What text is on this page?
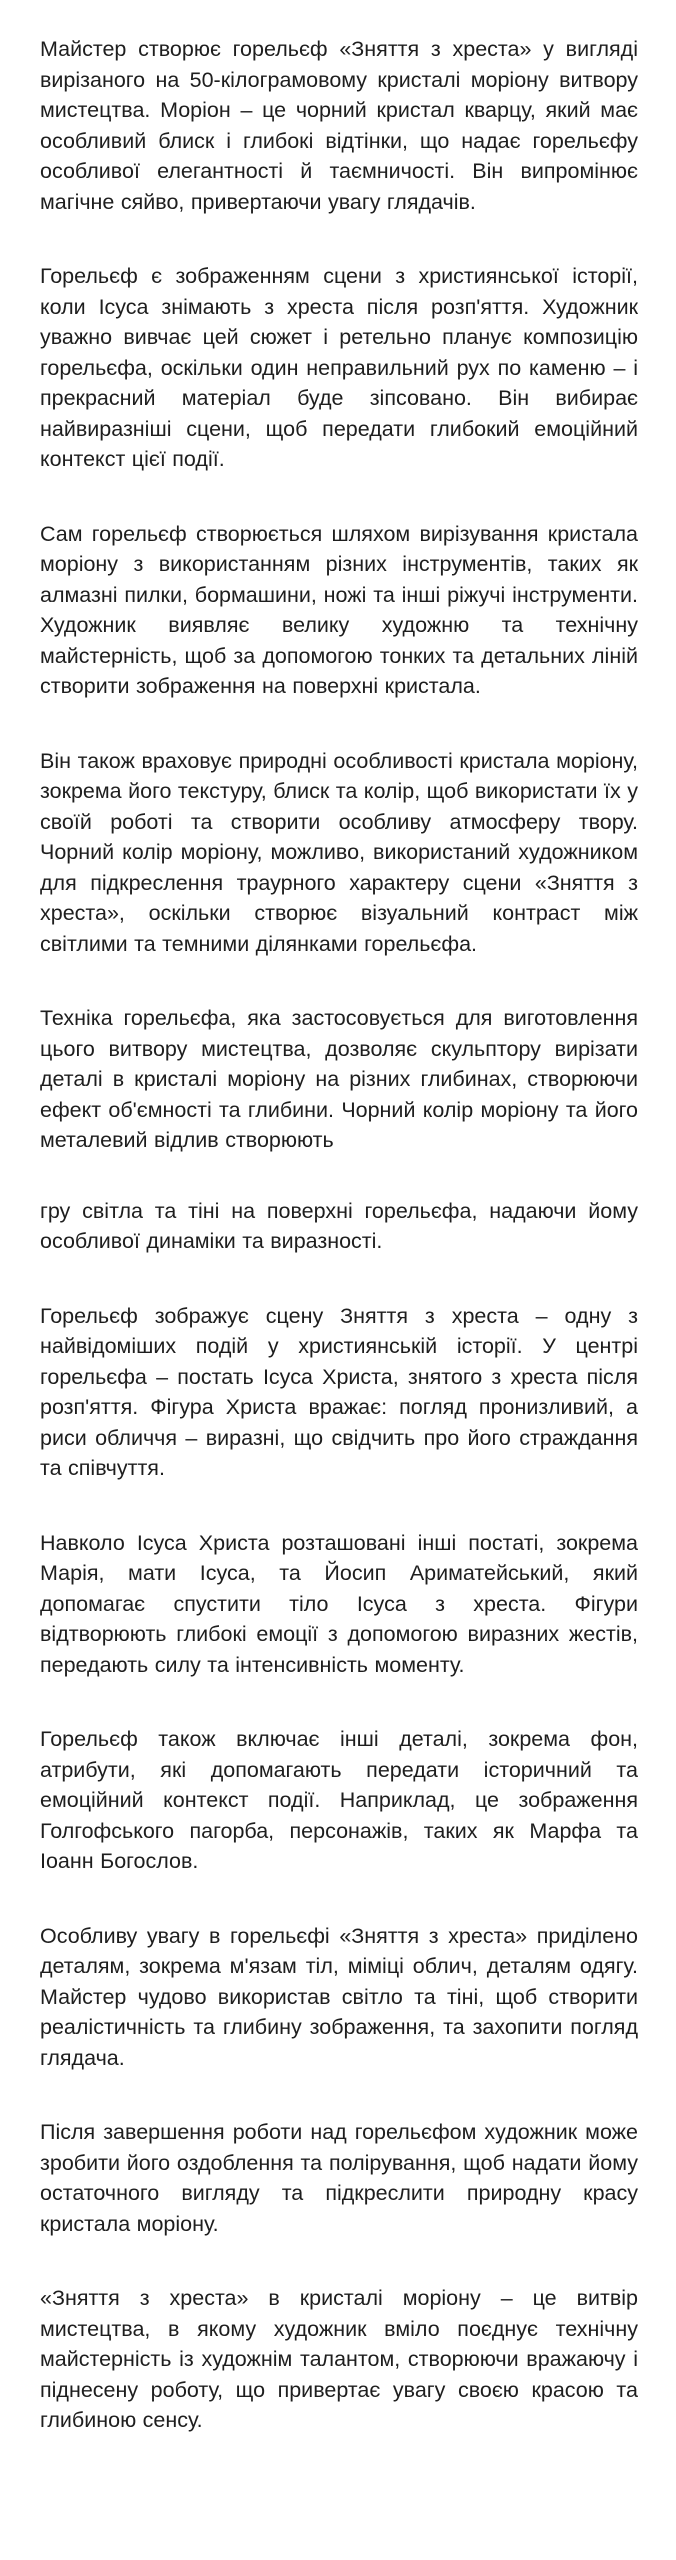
Майстер створює горельєф «Зняття з хреста» у вигляді вирізаного на 50-кілограмовому кристалі моріону витвору мистецтва. Моріон – це чорний кристал кварцу, який має особливий блиск і глибокі відтінки, що надає горельєфу особливої елегантності й таємничості. Він випромінює магічне сяйво, привертаючи увагу глядачів.

Горельєф є зображенням сцени з християнської історії, коли Ісуса знімають з хреста після розп'яття. Художник уважно вивчає цей сюжет і ретельно планує композицію горельєфа, оскільки один неправильний рух по каменю – і прекрасний матеріал буде зіпсовано. Він вибирає найвиразніші сцени, щоб передати глибокий емоційний контекст цієї події.

Сам горельєф створюється шляхом вирізування кристала моріону з використанням різних інструментів, таких як алмазні пилки, бормашини, ножі та інші ріжучі інструменти. Художник виявляє велику художню та технічну майстерність, щоб за допомогою тонких та детальних ліній створити зображення на поверхні кристала.

Він також враховує природні особливості кристала моріону, зокрема його текстуру, блиск та колір, щоб використати їх у своїй роботі та створити особливу атмосферу твору. Чорний колір моріону, можливо, використаний художником для підкреслення траурного характеру сцени «Зняття з хреста», оскільки створює візуальний контраст між світлими та темними ділянками горельєфа.

Техніка горельєфа, яка застосовується для виготовлення цього витвору мистецтва, дозволяє скульптору вирізати деталі в кристалі моріону на різних глибинах, створюючи ефект об'ємності та глибини. Чорний колір моріону та його металевий відлив створюють

гру світла та тіні на поверхні горельєфа, надаючи йому особливої динаміки та виразності.

Горельєф зображує сцену Зняття з хреста – одну з найвідоміших подій у християнській історії. У центрі горельєфа – постать Ісуса Христа, знятого з хреста після розп'яття. Фігура Христа вражає: погляд пронизливий, а риси обличчя – виразні, що свідчить про його страждання та співчуття.

Навколо Ісуса Христа розташовані інші постаті, зокрема Марія, мати Ісуса, та Йосип Ариматейський, який допомагає спустити тіло Ісуса з хреста. Фігури відтворюють глибокі емоції з допомогою виразних жестів, передають силу та інтенсивність моменту.

Горельєф також включає інші деталі, зокрема фон, атрибути, які допомагають передати історичний та емоційний контекст події. Наприклад, це зображення Голгофського пагорба, персонажів, таких як Марфа та Іоанн Богослов.

Особливу увагу в горельєфі «Зняття з хреста» приділено деталям, зокрема м'язам тіл, міміці облич, деталям одягу. Майстер чудово використав світло та тіні, щоб створити реалістичність та глибину зображення, та захопити погляд глядача.

Після завершення роботи над горельєфом художник може зробити його оздоблення та полірування, щоб надати йому остаточного вигляду та підкреслити природну красу кристала моріону.

«Зняття з хреста» в кристалі моріону – це витвір мистецтва, в якому художник вміло поєднує технічну майстерність із художнім талантом, створюючи вражаючу і піднесену роботу, що привертає увагу своєю красою та глибиною сенсу.
